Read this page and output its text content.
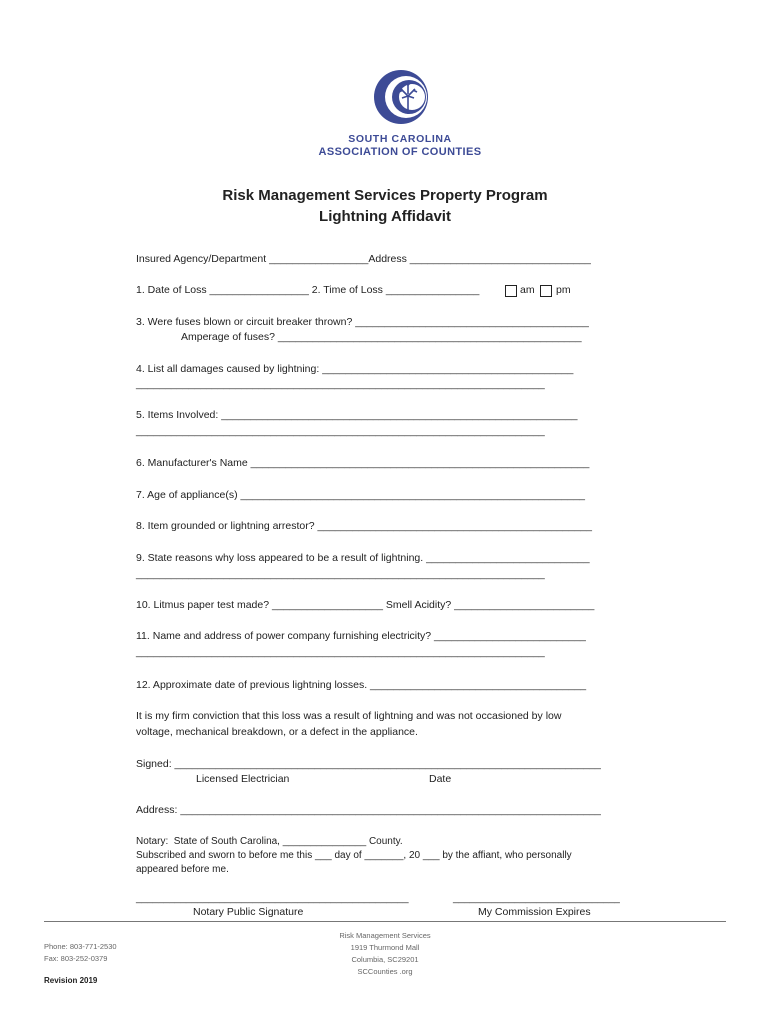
SOUTH CAROLINA
ASSOCIATION OF COUNTIES
Risk Management Services Property Program
Lightning Affidavit
Insured Agency/Department _________________Address _______________________________
1. Date of Loss _________________ 2. Time of Loss ________________	am pm
3. Were fuses blown or circuit breaker thrown? ________________________________________
Amperage of fuses? ____________________________________________________
4. List all damages caused by lightning: ___________________________________________
______________________________________________________________________
5. Items Involved: _____________________________________________________________
______________________________________________________________________
6. Manufacturer's Name __________________________________________________________
7. Age of appliance(s) ___________________________________________________________
8. Item grounded or lightning arrestor? _______________________________________________
9. State reasons why loss appeared to be a result of lightning. ____________________________
______________________________________________________________________
10. Litmus paper test made? ___________________ Smell Acidity? ________________________
11. Name and address of power company furnishing electricity? __________________________
______________________________________________________________________
12. Approximate date of previous lightning losses. _____________________________________
It is my firm conviction that this loss was a result of lightning and was not occasioned by low
voltage, mechanical breakdown, or a defect in the appliance.
Signed: _________________________________________________________________________
Licensed Electrician	Date
Address: ________________________________________________________________________
Notary:  State of South Carolina, _______________ County.
Subscribed and sworn to before me this ___ day of _______, 20 ___ by the affiant, who personally
appeared before me.
_________________________________________________	______________________________
Notary Public Signature	My Commission Expires
Phone: 803-771-2530
Fax: 803-252-0379
Risk Management Services
1919 Thurmond Mall
Columbia, SC29201
SCCounties .org
Revision 2019
